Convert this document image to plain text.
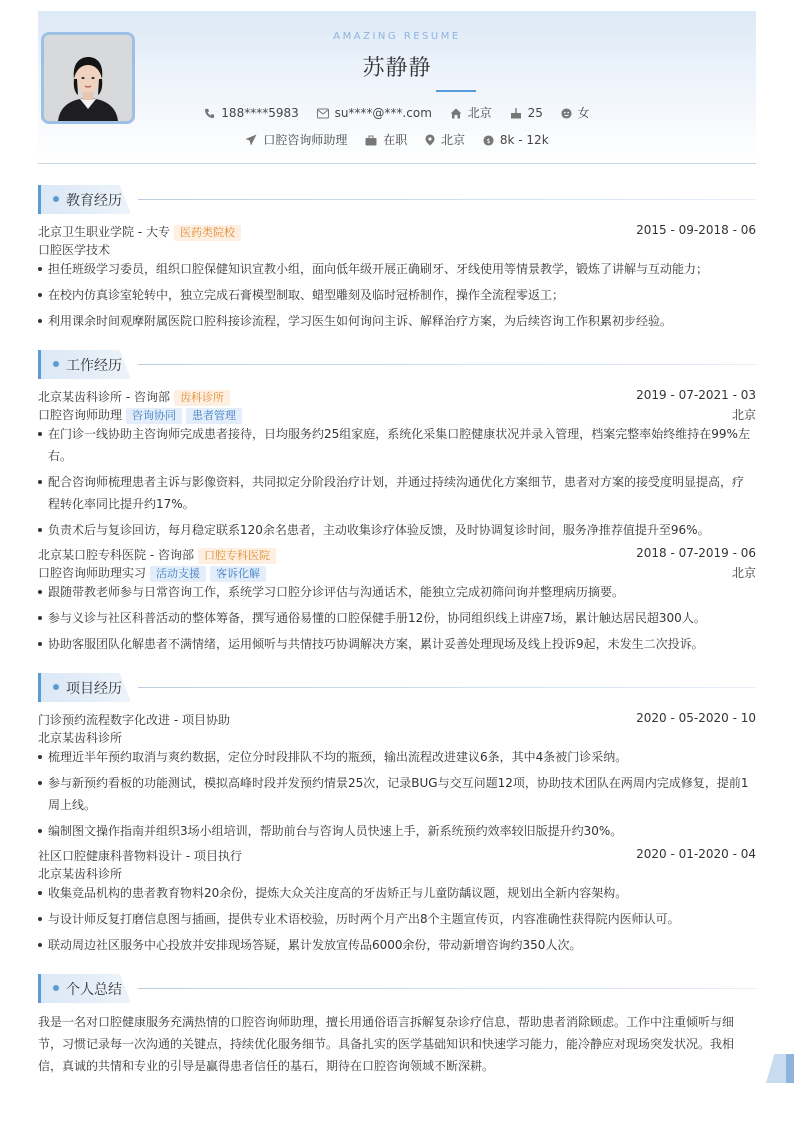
AMAZING RESUME
苏静静
188****5983	su****@***.com	北京	25	女
口腔咨询师助理	在职	北京	$ 8k - 12k
教育经历
北京卫生职业学院 - 大专 医药类院校	2015 - 09-2018 - 06
口腔医学技术
担任班级学习委员，组织口腔保健知识宣教小组，面向低年级开展正确刷牙、牙线使用等情景教学，锻炼了讲解与互动能力；
在校内仿真诊室轮转中，独立完成石膏模型制取、蜡型雕刻及临时冠桥制作，操作全流程零返工；
利用课余时间观摩附属医院口腔科接诊流程，学习医生如何询问主诉、解释治疗方案，为后续咨询工作积累初步经验。
工作经历
北京某齿科诊所 - 咨询部 齿科诊所	2019 - 07-2021 - 03
口腔咨询师助理 咨询协同 患者管理	北京
在门诊一线协助主咨询师完成患者接待，日均服务约25组家庭，系统化采集口腔健康状况并录入管理，档案完整率始终维持在99%左右。
配合咨询师梳理患者主诉与影像资料，共同拟定分阶段治疗计划，并通过持续沟通优化方案细节，患者对方案的接受度明显提高，疗程转化率同比提升约17%。
负责术后与复诊回访，每月稳定联系120余名患者，主动收集诊疗体验反馈，及时协调复诊时间，服务净推荐值提升至96%。
北京某口腔专科医院 - 咨询部 口腔专科医院	2018 - 07-2019 - 06
口腔咨询师助理实习 活动支援 客诉化解	北京
跟随带教老师参与日常咨询工作，系统学习口腔分诊评估与沟通话术，能独立完成初筛问询并整理病历摘要。
参与义诊与社区科普活动的整体筹备，撰写通俗易懂的口腔保健手册12份，协同组织线上讲座7场，累计触达居民超300人。
协助客服团队化解患者不满情绪，运用倾听与共情技巧协调解决方案，累计妥善处理现场及线上投诉9起，未发生二次投诉。
项目经历
门诊预约流程数字化改进 - 项目协助	2020 - 05-2020 - 10
北京某齿科诊所
梳理近半年预约取消与爽约数据，定位分时段排队不均的瓶颈，输出流程改进建议6条，其中4条被门诊采纳。
参与新预约看板的功能测试，模拟高峰时段并发预约情景25次，记录BUG与交互问题12项，协助技术团队在两周内完成修复，提前1周上线。
编制图文操作指南并组织3场小组培训，帮助前台与咨询人员快速上手，新系统预约效率较旧版提升约30%。
社区口腔健康科普物料设计 - 项目执行	2020 - 01-2020 - 04
北京某齿科诊所
收集竞品机构的患者教育物料20余份，提炼大众关注度高的牙齿矫正与儿童防龋议题，规划出全新内容架构。
与设计师反复打磨信息图与插画，提供专业术语校验，历时两个月产出8个主题宣传页，内容准确性获得院内医师认可。
联动周边社区服务中心投放并安排现场答疑，累计发放宣传品6000余份，带动新增咨询约350人次。
个人总结

我是一名对口腔健康服务充满热情的口腔咨询师助理，擅长用通俗语言拆解复杂诊疗信息，帮助患者消除顾虑。工作中注重倾听与细节，习惯记录每一次沟通的关键点，持续优化服务细节。具备扎实的医学基础知识和快速学习能力，能冷静应对现场突发状况。我相信，真诚的共情和专业的引导是赢得患者信任的基石，期待在口腔咨询领域不断深耕。
